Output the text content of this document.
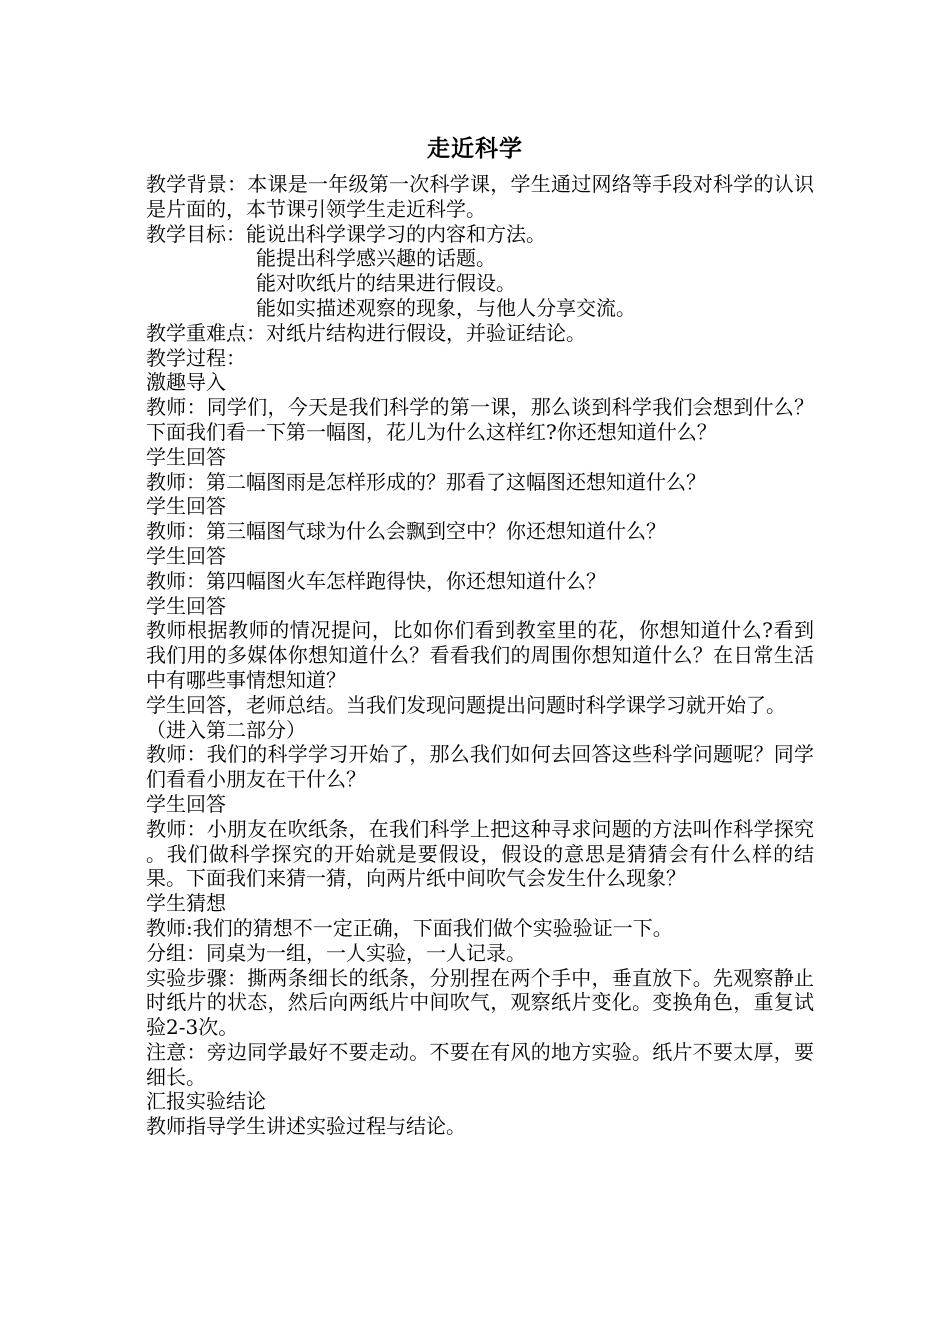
走近科学

教学背景：本课是一年级第一次科学课，学生通过网络等手段对科学的认识是片面的，本节课引领学生走近科学。

教学目标：能说出科学课学习的内容和方法。

能提出科学感兴趣的话题。

能对吹纸片的结果进行假设。

能如实描述观察的现象，与他人分享交流。

教学重难点：对纸片结构进行假设，并验证结论。

教学过程：

激趣导入

教师：同学们，今天是我们科学的第一课，那么谈到科学我们会想到什么？下面我们看一下第一幅图，花儿为什么这样红?你还想知道什么？

学生回答

教师：第二幅图雨是怎样形成的？那看了这幅图还想知道什么？

学生回答

教师：第三幅图气球为什么会飘到空中？你还想知道什么？

学生回答

教师：第四幅图火车怎样跑得快，你还想知道什么？

学生回答

教师根据教师的情况提问，比如你们看到教室里的花，你想知道什么?看到我们用的多媒体你想知道什么？看看我们的周围你想知道什么？在日常生活中有哪些事情想知道？

学生回答，老师总结。当我们发现问题提出问题时科学课学习就开始了。

（进入第二部分）

教师：我们的科学学习开始了，那么我们如何去回答这些科学问题呢？同学们看看小朋友在干什么？

学生回答

教师：小朋友在吹纸条，在我们科学上把这种寻求问题的方法叫作科学探究 。我们做科学探究的开始就是要假设，假设的意思是猜猜会有什么样的结果。下面我们来猜一猜，向两片纸中间吹气会发生什么现象？

学生猜想

教师:我们的猜想不一定正确，下面我们做个实验验证一下。

分组：同桌为一组，一人实验，一人记录。

实验步骤：撕两条细长的纸条，分别捏在两个手中，垂直放下。先观察静止时纸片的状态，然后向两纸片中间吹气，观察纸片变化。变换角色，重复试验2-3次。

注意：旁边同学最好不要走动。不要在有风的地方实验。纸片不要太厚，要细长。

汇报实验结论

教师指导学生讲述实验过程与结论。
